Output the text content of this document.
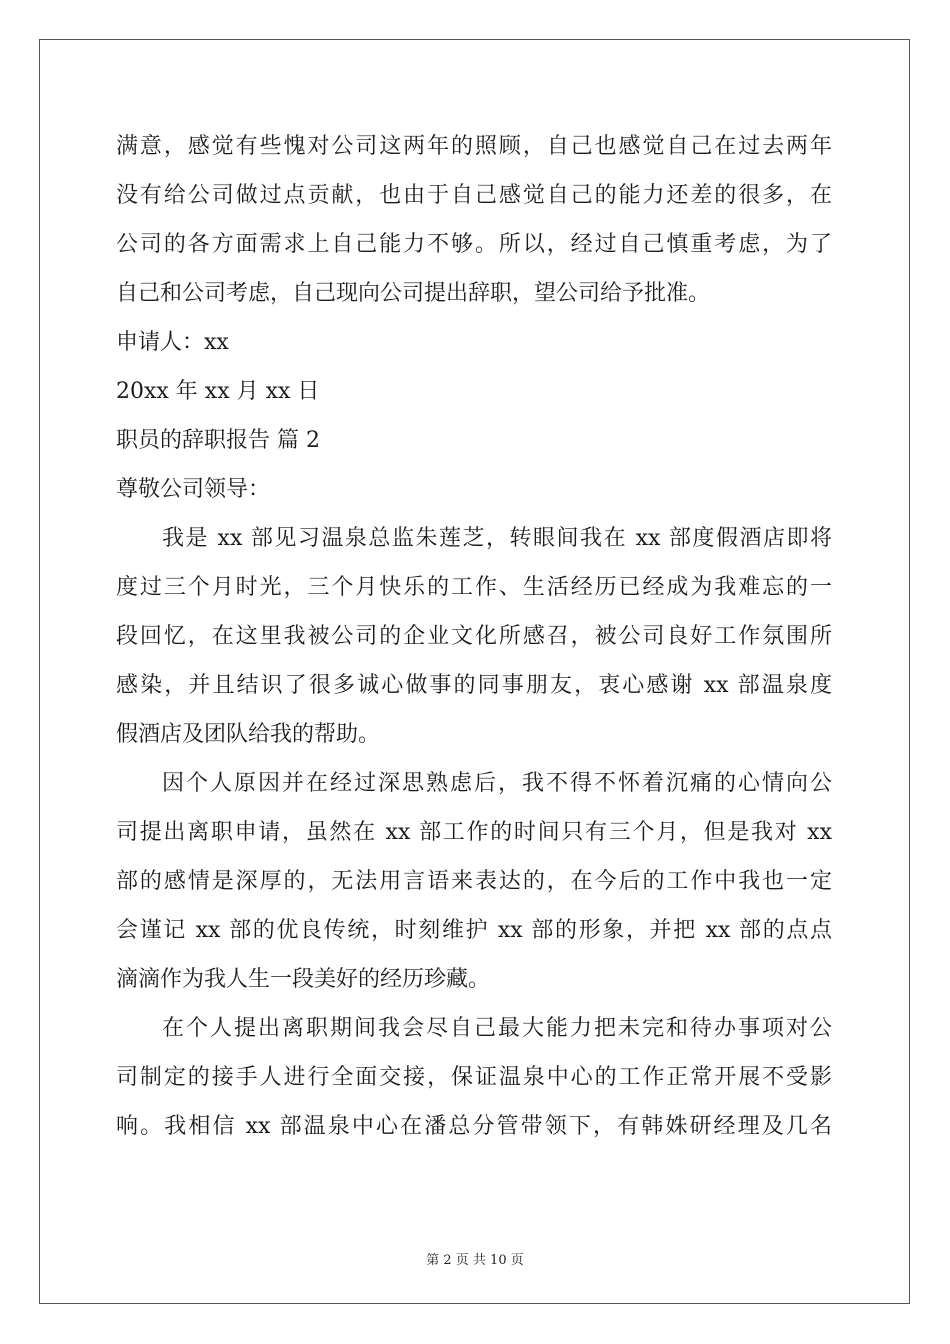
满意，感觉有些愧对公司这两年的照顾，自己也感觉自己在过去两年
没有给公司做过点贡献，也由于自己感觉自己的能力还差的很多，在
公司的各方面需求上自己能力不够。所以，经过自己慎重考虑，为了
自己和公司考虑，自己现向公司提出辞职，望公司给予批准。
申请人：xx
20xx 年 xx 月 xx 日
职员的辞职报告 篇 2
尊敬公司领导：
我是 xx 部见习温泉总监朱莲芝，转眼间我在 xx 部度假酒店即将
度过三个月时光，三个月快乐的工作、生活经历已经成为我难忘的一
段回忆，在这里我被公司的企业文化所感召，被公司良好工作氛围所
感染，并且结识了很多诚心做事的同事朋友，衷心感谢 xx 部温泉度
假酒店及团队给我的帮助。
因个人原因并在经过深思熟虑后，我不得不怀着沉痛的心情向公
司提出离职申请，虽然在 xx 部工作的时间只有三个月，但是我对 xx
部的感情是深厚的，无法用言语来表达的，在今后的工作中我也一定
会谨记 xx 部的优良传统，时刻维护 xx 部的形象，并把 xx 部的点点
滴滴作为我人生一段美好的经历珍藏。
在个人提出离职期间我会尽自己最大能力把未完和待办事项对公
司制定的接手人进行全面交接，保证温泉中心的工作正常开展不受影
响。我相信 xx 部温泉中心在潘总分管带领下，有韩姝研经理及几名
第 2 页 共 10 页
